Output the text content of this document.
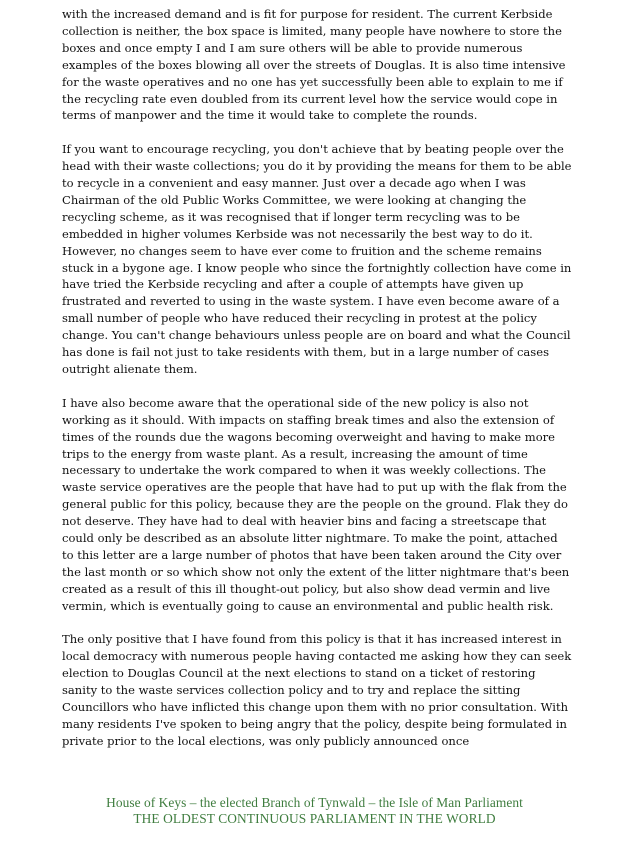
with the increased demand and is fit for purpose for resident. The current Kerbside collection is neither, the box space is limited, many people have nowhere to store the boxes and once empty I and I am sure others will be able to provide numerous examples of the boxes blowing all over the streets of Douglas. It is also time intensive for the waste operatives and no one has yet successfully been able to explain to me if the recycling rate even doubled from its current level how the service would cope in terms of manpower and the time it would take to complete the rounds.

If you want to encourage recycling, you don't achieve that by beating people over the head with their waste collections; you do it by providing the means for them to be able to recycle in a convenient and easy manner. Just over a decade ago when I was Chairman of the old Public Works Committee, we were looking at changing the recycling scheme, as it was recognised that if longer term recycling was to be embedded in higher volumes Kerbside was not necessarily the best way to do it. However, no changes seem to have ever come to fruition and the scheme remains stuck in a bygone age. I know people who since the fortnightly collection have come in have tried the Kerbside recycling and after a couple of attempts have given up frustrated and reverted to using in the waste system. I have even become aware of a small number of people who have reduced their recycling in protest at the policy change. You can't change behaviours unless people are on board and what the Council has done is fail not just to take residents with them, but in a large number of cases outright alienate them.

I have also become aware that the operational side of the new policy is also not working as it should. With impacts on staffing break times and also the extension of times of the rounds due the wagons becoming overweight and having to make more trips to the energy from waste plant. As a result, increasing the amount of time necessary to undertake the work compared to when it was weekly collections. The waste service operatives are the people that have had to put up with the flak from the general public for this policy, because they are the people on the ground. Flak they do not deserve. They have had to deal with heavier bins and facing a streetscape that could only be described as an absolute litter nightmare. To make the point, attached to this letter are a large number of photos that have been taken around the City over the last month or so which show not only the extent of the litter nightmare that's been created as a result of this ill thought-out policy, but also show dead vermin and live vermin, which is eventually going to cause an environmental and public health risk.

The only positive that I have found from this policy is that it has increased interest in local democracy with numerous people having contacted me asking how they can seek election to Douglas Council at the next elections to stand on a ticket of restoring sanity to the waste services collection policy and to try and replace the sitting Councillors who have inflicted this change upon them with no prior consultation. With many residents I've spoken to being angry that the policy, despite being formulated in private prior to the local elections, was only publicly announced once

House of Keys – the elected Branch of Tynwald – the Isle of Man Parliament
THE OLDEST CONTINUOUS PARLIAMENT IN THE WORLD
